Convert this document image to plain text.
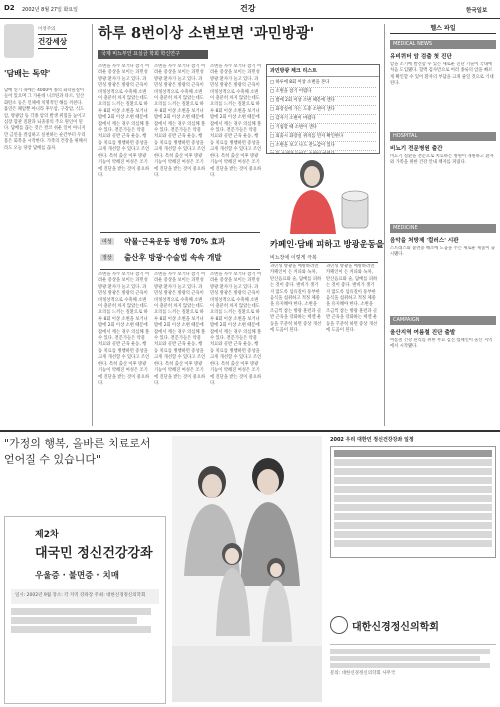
D2 2002년 8월 27일 화요일	건강	한국일보
이영주의
건강세상
'담배는 독약'
담배 연기 속에는 4000여 종의 화학물질이 들어 있으며 그 가운데 니코틴과 타르, 일산화탄소 등은 인체에 치명적인 해를 끼친다. 흡연은 폐암뿐 아니라 후두암, 구강암, 식도암, 방광암 등 각종 암의 발생 위험을 높이고 심장 혈관 질환과 뇌졸중의 주요 원인이 된다. 담배를 끊는 것은 결코 쉬운 일이 아니지만 금연을 결심하고 실천하는 순간부터 우리 몸은 회복을 시작한다. 가족의 건강을 위해서라도 오늘 당장 담배를 끊자.
하루 8번이상 소변보면 '과민방광'
국제 비뇨부인 요실금 학회 학신연구
소변을 자주 보거나 참기 어려운 증상을 보이는 과민성 방광 환자가 늘고 있다. 과민성 방광은 방광의 근육이 비정상적으로 수축해 소변이 충분히 차지 않았는데도 요의를 느끼는 질환으로 하루 8회 이상 소변을 보거나 밤에 2회 이상 소변 때문에 잠에서 깨는 경우 의심해 볼 수 있다. 전문가들은 약물 치료와 골반 근육 운동, 행동 치료를 병행하면 증상을 크게 개선할 수 있다고 조언한다. 특히 출산 이후 방광 기능이 약해진 여성은 조기에 진단을 받는 것이 중요하다.
소변을 자주 보거나 참기 어려운 증상을 보이는 과민성 방광 환자가 늘고 있다. 과민성 방광은 방광의 근육이 비정상적으로 수축해 소변이 충분히 차지 않았는데도 요의를 느끼는 질환으로 하루 8회 이상 소변을 보거나 밤에 2회 이상 소변 때문에 잠에서 깨는 경우 의심해 볼 수 있다. 전문가들은 약물 치료와 골반 근육 운동, 행동 치료를 병행하면 증상을 크게 개선할 수 있다고 조언한다. 특히 출산 이후 방광 기능이 약해진 여성은 조기에 진단을 받는 것이 중요하다.
소변을 자주 보거나 참기 어려운 증상을 보이는 과민성 방광 환자가 늘고 있다. 과민성 방광은 방광의 근육이 비정상적으로 수축해 소변이 충분히 차지 않았는데도 요의를 느끼는 질환으로 하루 8회 이상 소변을 보거나 밤에 2회 이상 소변 때문에 잠에서 깨는 경우 의심해 볼 수 있다. 전문가들은 약물 치료와 골반 근육 운동, 행동 치료를 병행하면 증상을 크게 개선할 수 있다고 조언한다. 특히 출산 이후 방광 기능이 약해진 여성은 조기에 진단을 받는 것이 중요하다.
여성 약물·근육운동 병행 70% 효과
정상 출산후 방광·수술법 속속 개발
소변을 자주 보거나 참기 어려운 증상을 보이는 과민성 방광 환자가 늘고 있다. 과민성 방광은 방광의 근육이 비정상적으로 수축해 소변이 충분히 차지 않았는데도 요의를 느끼는 질환으로 하루 8회 이상 소변을 보거나 밤에 2회 이상 소변 때문에 잠에서 깨는 경우 의심해 볼 수 있다. 전문가들은 약물 치료와 골반 근육 운동, 행동 치료를 병행하면 증상을 크게 개선할 수 있다고 조언한다. 특히 출산 이후 방광 기능이 약해진 여성은 조기에 진단을 받는 것이 중요하다.
소변을 자주 보거나 참기 어려운 증상을 보이는 과민성 방광 환자가 늘고 있다. 과민성 방광은 방광의 근육이 비정상적으로 수축해 소변이 충분히 차지 않았는데도 요의를 느끼는 질환으로 하루 8회 이상 소변을 보거나 밤에 2회 이상 소변 때문에 잠에서 깨는 경우 의심해 볼 수 있다. 전문가들은 약물 치료와 골반 근육 운동, 행동 치료를 병행하면 증상을 크게 개선할 수 있다고 조언한다. 특히 출산 이후 방광 기능이 약해진 여성은 조기에 진단을 받는 것이 중요하다.
소변을 자주 보거나 참기 어려운 증상을 보이는 과민성 방광 환자가 늘고 있다. 과민성 방광은 방광의 근육이 비정상적으로 수축해 소변이 충분히 차지 않았는데도 요의를 느끼는 질환으로 하루 8회 이상 소변을 보거나 밤에 2회 이상 소변 때문에 잠에서 깨는 경우 의심해 볼 수 있다. 전문가들은 약물 치료와 골반 근육 운동, 행동 치료를 병행하면 증상을 크게 개선할 수 있다고 조언한다. 특히 출산 이후 방광 기능이 약해진 여성은 조기에 진단을 받는 것이 중요하다.
과민방광 체크 리스트
□ 하루에 8회 이상 소변을 본다
□ 소변을 참기 어렵다
□ 밤에 2회 이상 소변 때문에 깬다
□ 화장실에 가는 도중 소변이 샌다
□ 갑자기 소변이 마렵다
□ 기침할 때 소변이 샌다
□ 외출시 화장실 위치를 먼저 확인한다
□ 소변을 보고 나도 잔뇨감이 있다
카페인·담배 피하고 방광운동을
비뇨장에 이렇게 극복
과민성 방광을 예방하려면 카페인이 든 커피와 녹차, 탄산음료와 술, 담배를 피하는 것이 좋다. 변비가 생기지 않도록 섬유질이 풍부한 음식을 섭취하고 적정 체중을 유지해야 한다. 소변을 조금씩 참는 방광 훈련과 골반 근육을 강화하는 케겔 운동을 꾸준히 하면 증상 개선에 도움이 된다.
과민성 방광을 예방하려면 카페인이 든 커피와 녹차, 탄산음료와 술, 담배를 피하는 것이 좋다. 변비가 생기지 않도록 섬유질이 풍부한 음식을 섭취하고 적정 체중을 유지해야 한다. 소변을 조금씩 참는 방광 훈련과 골반 근육을 강화하는 케겔 운동을 꾸준히 하면 증상 개선에 도움이 된다.
헬스 파일
MEDICAL NEWS
유비퀴터 암 검출 첫 진단
암을 조기에 발견할 수 있는 새로운 진단 기술이 국내에 처음 도입됐다. 혈액 검사만으로 여러 종류의 암을 빠르게 확인할 수 있어 환자의 부담을 크게 줄일 것으로 기대된다.
HOSPITAL
비뇨기 전문병원 출간
비뇨기 질환을 전문으로 치료하는 병원이 개원하고 환자와 가족을 위한 건강 안내 책자를 펴냈다.
MEDICINE
음악을 처방제 '컬러스' 시판
스트레스와 불면증 해소에 도움을 주는 새로운 제품이 출시됐다.
CAMPAIGN
울산지역 여름철 진단 출발
여름철 건강 관리를 위한 무료 검진 캠페인이 울산 지역에서 시작됐다.
"가정의 행복, 올바른 치료로서 얻어질 수 있습니다"
제2차
대국민 정신건강강좌
우울증 · 불면증 · 치매
일시: 2002년 9월 장소: 각 지역 강좌장 주최: 대한신경정신의학회
2002 우리 대한민 정신건강강좌 일정
대한신경정신의학회
문의: 대한신경정신의학회 사무국
